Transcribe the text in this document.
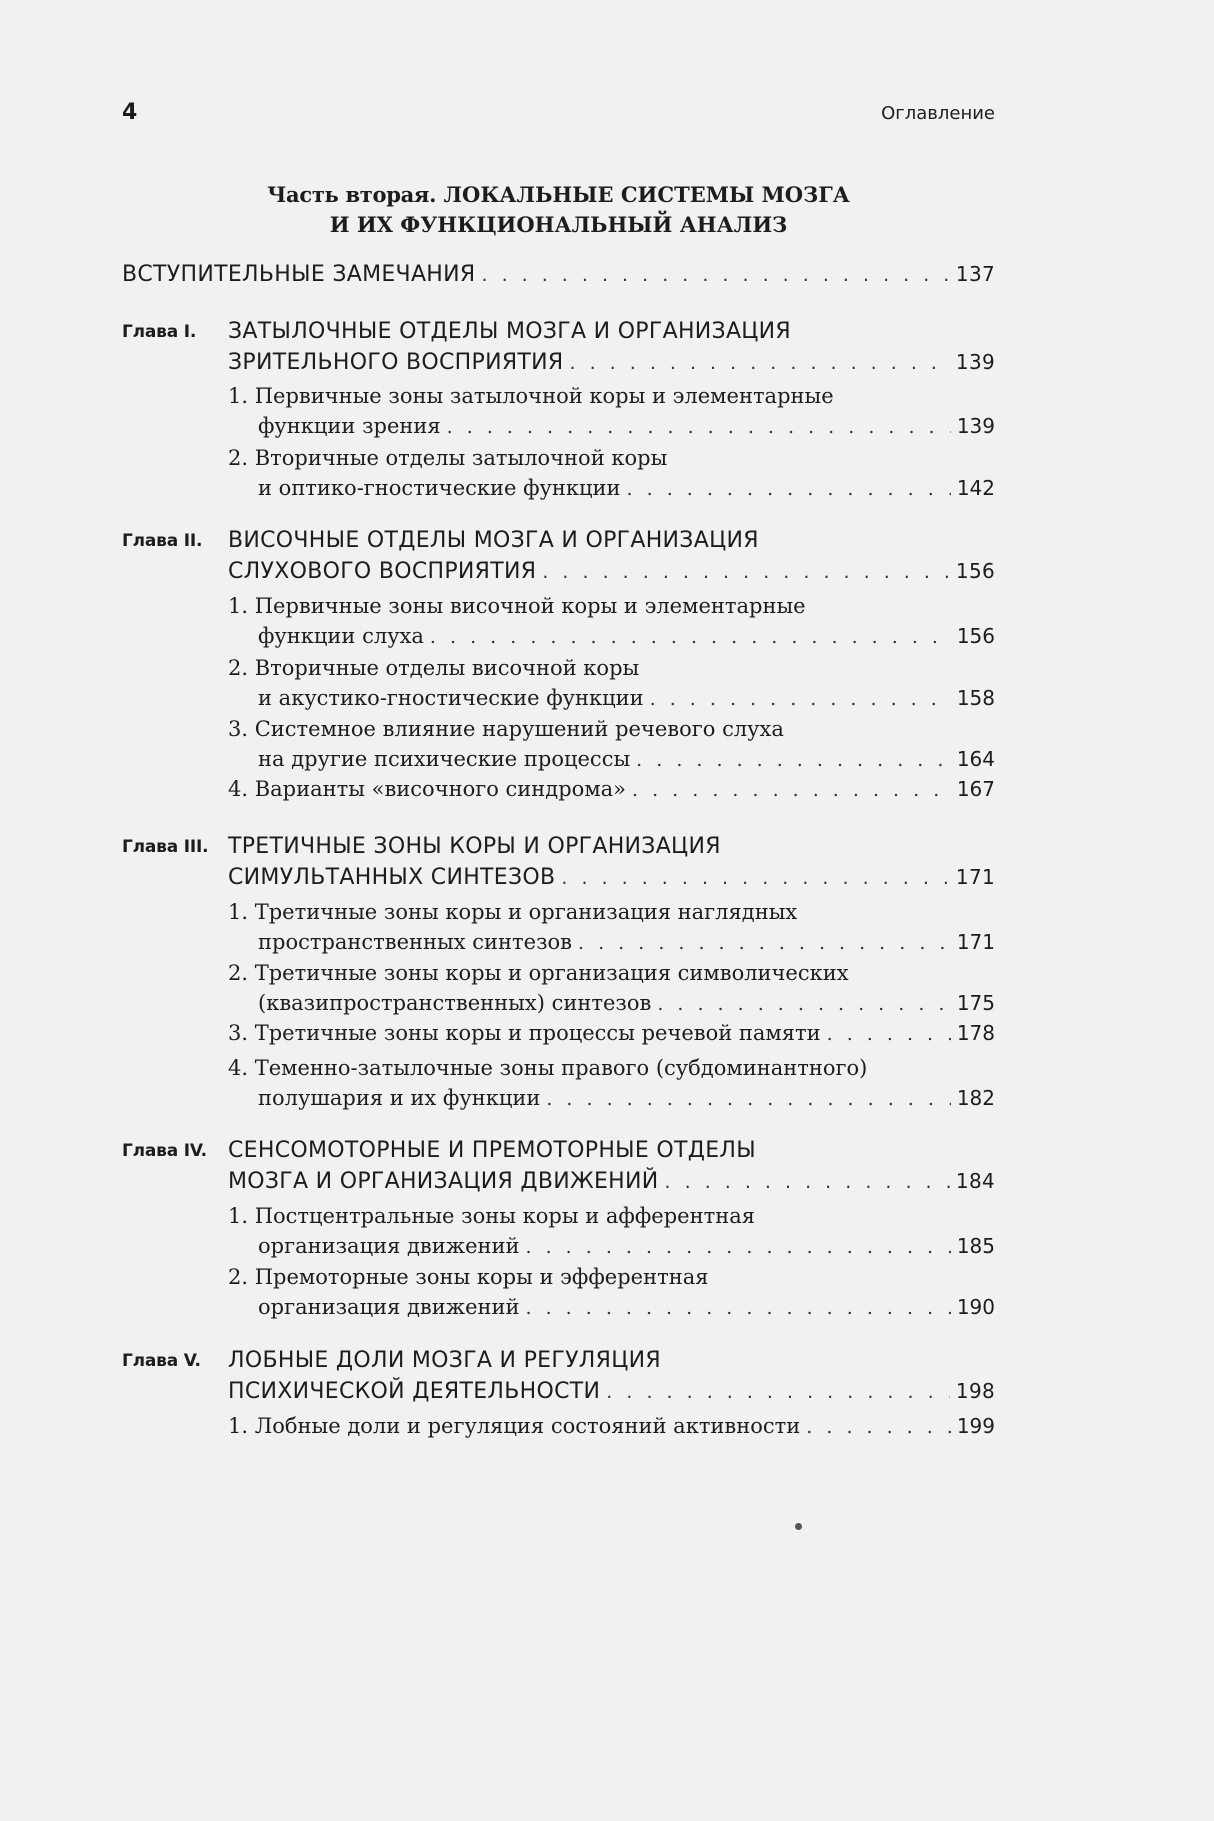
4	Оглавление
Часть вторая. ЛОКАЛЬНЫЕ СИСТЕМЫ МОЗГА
И ИХ ФУНКЦИОНАЛЬНЫЙ АНАЛИЗ
ВСТУПИТЕЛЬНЫЕ ЗАМЕЧАНИЯ . . .	137
Глава I. ЗАТЫЛОЧНЫЕ ОТДЕЛЫ МОЗГА И ОРГАНИЗАЦИЯ
ЗРИТЕЛЬНОГО ВОСПРИЯТИЯ . . .	139
1. Первичные зоны затылочной коры и элементарные
функции зрения . . .	139
2. Вторичные отделы затылочной коры
и оптико-гностические функции . . .	142
Глава II. ВИСОЧНЫЕ ОТДЕЛЫ МОЗГА И ОРГАНИЗАЦИЯ
СЛУХОВОГО ВОСПРИЯТИЯ . . .	156
1. Первичные зоны височной коры и элементарные
функции слуха . . .	156
2. Вторичные отделы височной коры
и акустико-гностические функции . . .	158
3. Системное влияние нарушений речевого слуха
на другие психические процессы . . .	164
4. Варианты «височного синдрома» . . .	167
Глава III. ТРЕТИЧНЫЕ ЗОНЫ КОРЫ И ОРГАНИЗАЦИЯ
СИМУЛЬТАННЫХ СИНТЕЗОВ . . .	171
1. Третичные зоны коры и организация наглядных
пространственных синтезов . . .	171
2. Третичные зоны коры и организация символических
(квазипространственных) синтезов . . .	175
3. Третичные зоны коры и процессы речевой памяти . . .	178
4. Теменно-затылочные зоны правого (субдоминантного)
полушария и их функции . . .	182
Глава IV. СЕНСОМОТОРНЫЕ И ПРЕМОТОРНЫЕ ОТДЕЛЫ
МОЗГА И ОРГАНИЗАЦИЯ ДВИЖЕНИЙ . . .	184
1. Постцентральные зоны коры и афферентная
организация движений . . .	185
2. Премоторные зоны коры и эфферентная
организация движений . . .	190
Глава V. ЛОБНЫЕ ДОЛИ МОЗГА И РЕГУЛЯЦИЯ
ПСИХИЧЕСКОЙ ДЕЯТЕЛЬНОСТИ . . .	198
1. Лобные доли и регуляция состояний активности . . .	199
